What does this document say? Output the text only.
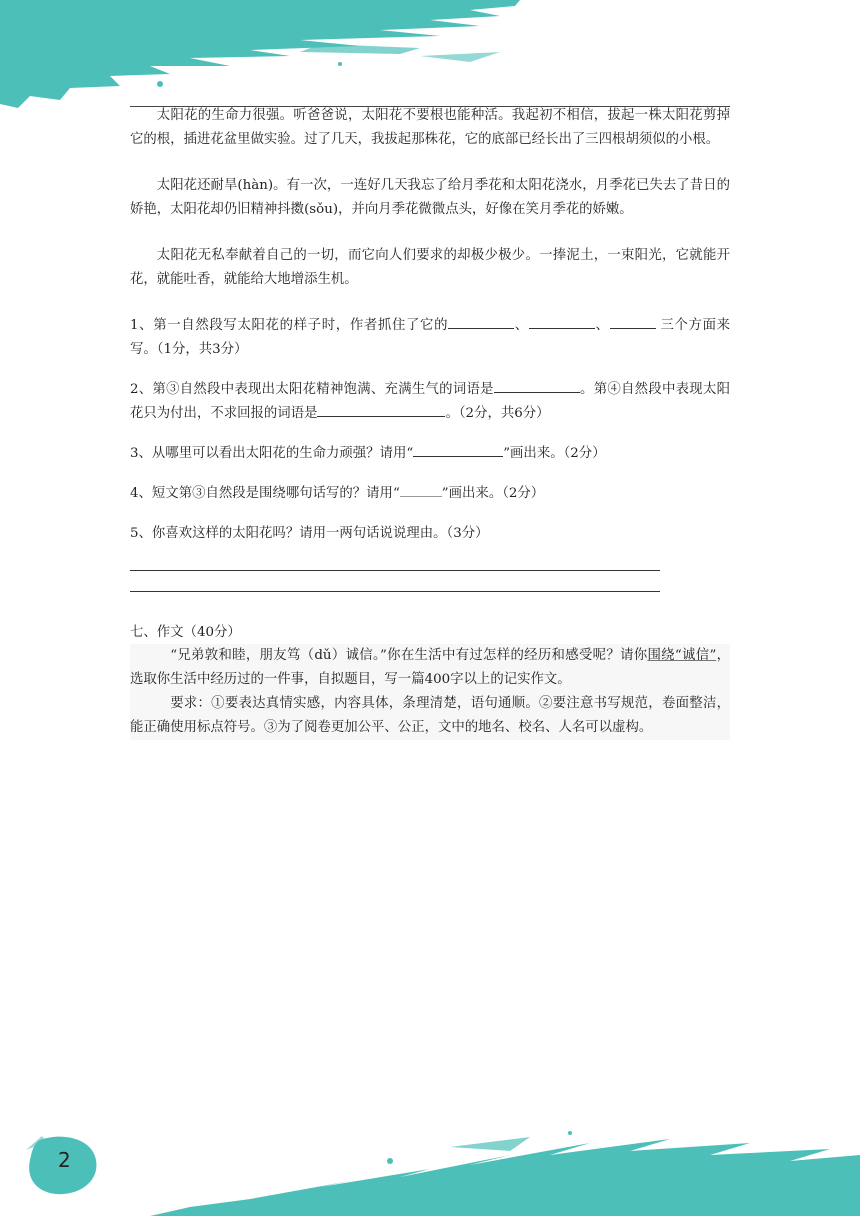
2

太阳花的生命力很强。听爸爸说，太阳花不要根也能种活。我起初不相信，拔起一株太阳花剪掉它的根，插进花盆里做实验。过了几天，我拔起那株花，它的底部已经长出了三四根胡须似的小根。

太阳花还耐旱(hàn)。有一次，一连好几天我忘了给月季花和太阳花浇水，月季花已失去了昔日的娇艳，太阳花却仍旧精神抖擞(sǒu)，并向月季花微微点头，好像在笑月季花的娇嫩。

太阳花无私奉献着自己的一切，而它向人们要求的却极少极少。一捧泥土，一束阳光，它就能开花，就能吐香，就能给大地增添生机。

1、第一自然段写太阳花的样子时，作者抓住了它的	、	、	三个方面来写。（1分，共3分）

2、第③自然段中表现出太阳花精神饱满、充满生气的词语是	。第④自然段中表现太阳花只为付出，不求回报的词语是	。（2分，共6分）

3、从哪里可以看出太阳花的生命力顽强？请用“	”画出来。（2分）

4、短文第③自然段是围绕哪句话写的？请用“	”画出来。（2分）

5、你喜欢这样的太阳花吗？请用一两句话说说理由。（3分）

七、作文（40分）

“兄弟敦和睦，朋友笃（dǔ）诚信。”你在生活中有过怎样的经历和感受呢？请你围绕“诚信”，选取你生活中经历过的一件事，自拟题目，写一篇400字以上的记实作文。

要求：①要表达真情实感，内容具体，条理清楚，语句通顺。②要注意书写规范，卷面整洁，能正确使用标点符号。③为了阅卷更加公平、公正，文中的地名、校名、人名可以虚构。
